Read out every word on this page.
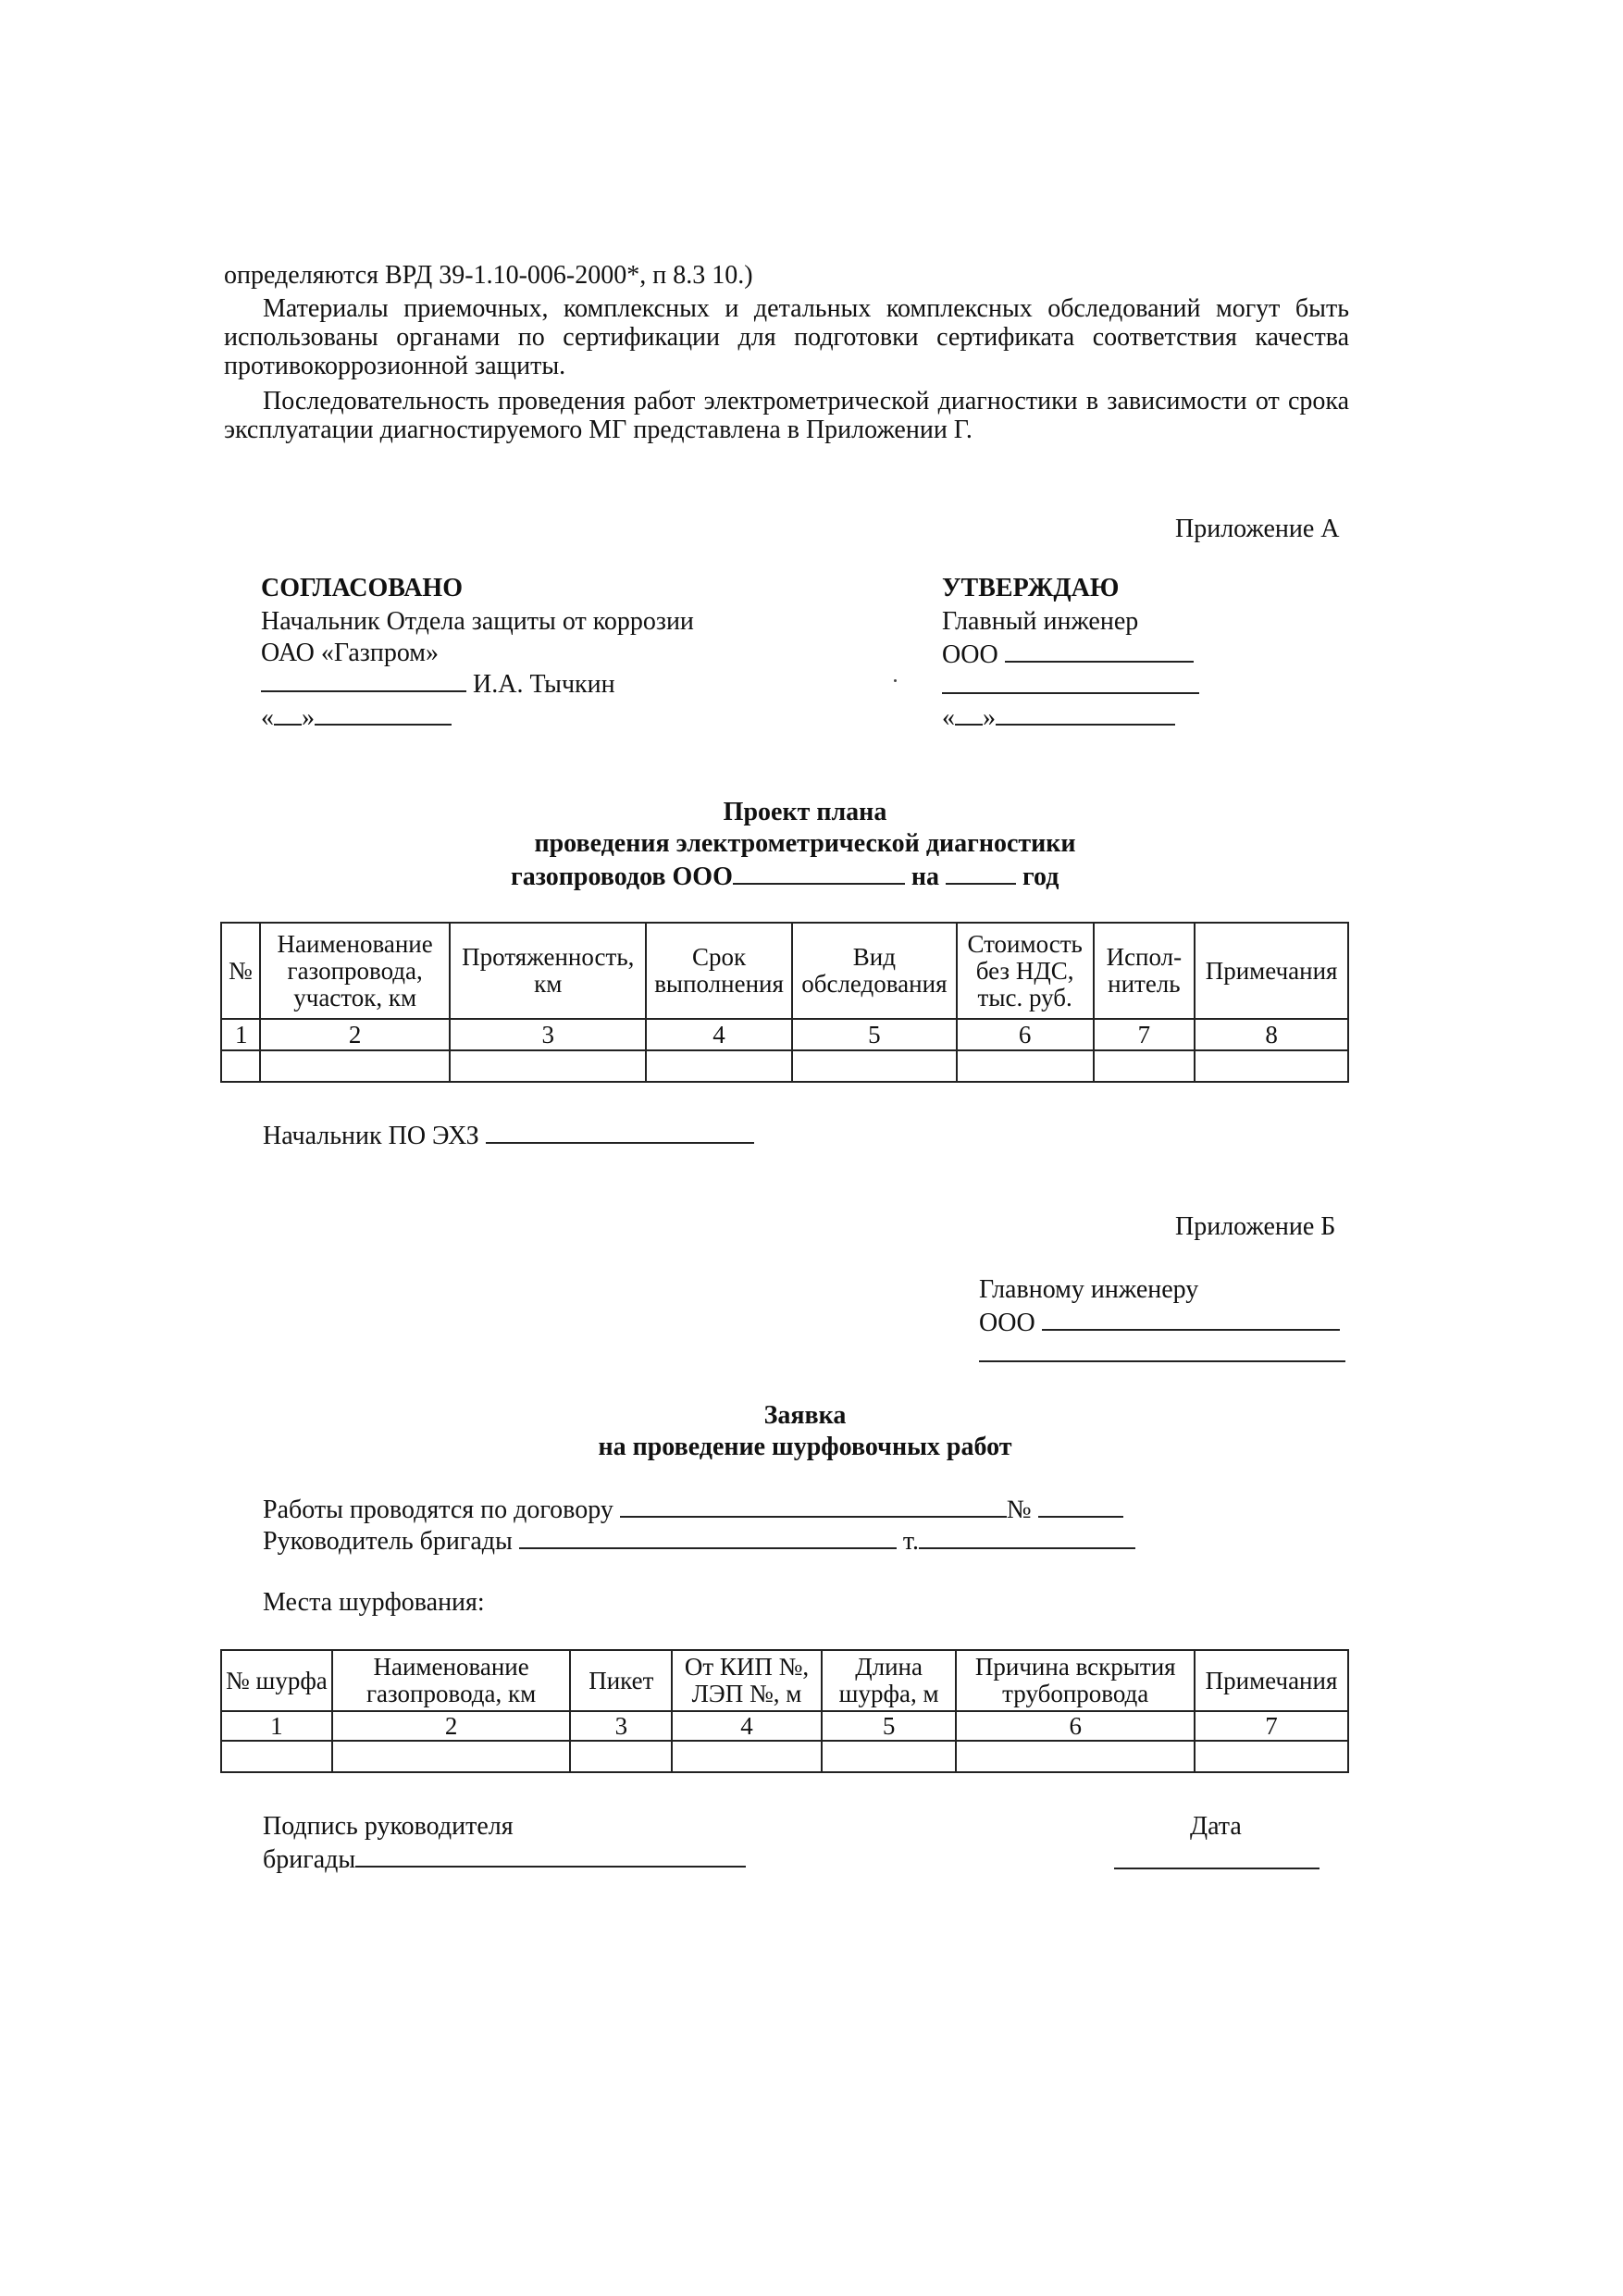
определяются ВРД 39-1.10-006-2000*, п 8.3 10.)
Материалы приемочных, комплексных и детальных комплексных обследований могут быть использованы органами по сертификации для подготовки сертификата соответствия качества противокоррозионной защиты.
Последовательность проведения работ электрометрической диагностики в зависимости от срока эксплуатации диагностируемого МГ представлена в Приложении Г.
Приложение А
СОГЛАСОВАНО
Начальник Отдела защиты от коррозии
ОАО «Газпром»
И.А. Тычкин
« »
УТВЕРЖДАЮ
Главный инженер
ООО
« »
Проект плана
проведения электрометрической диагностики
газопроводов ООО	на	год
№	Наименование газопровода, участок, км	Протяженность, км	Срок выполнения	Вид обследования	Стоимость без НДС, тыс. руб.	Испол-нитель	Примечания
1	2	3	4	5	6	7	8

Начальник ПО ЭХЗ
Приложение Б
Главному инженеру
ООО
Заявка
на проведение шурфовочных работ
Работы проводятся по договору	№
Руководитель бригады	т.
Места шурфования:
№ шурфа	Наименование газопровода, км	Пикет	От КИП №, ЛЭП №, м	Длина шурфа, м	Причина вскрытия трубопровода	Примечания
1	2	3	4	5	6	7

Подпись руководителя
бригады
Дата
